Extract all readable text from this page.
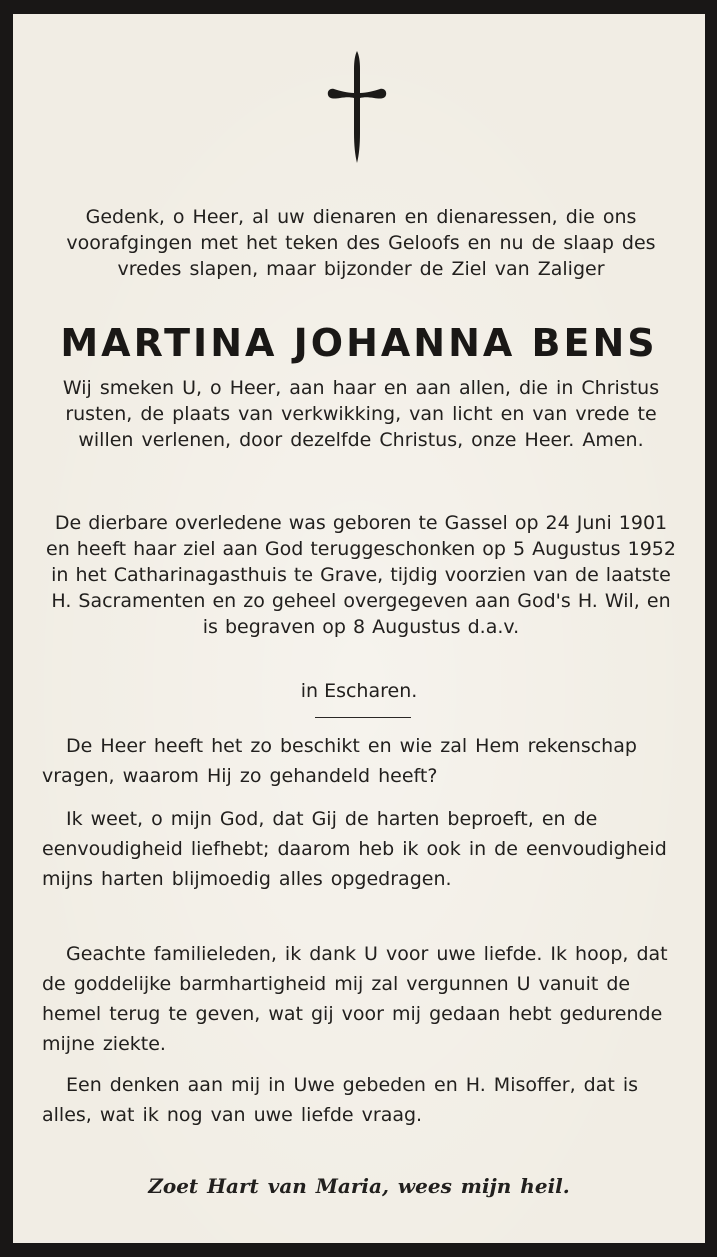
Gedenk, o Heer, al uw dienaren en dienaressen, die ons voorafgingen met het teken des Geloofs en nu de slaap des vredes slapen, maar bijzonder de Ziel van Zaliger

MARTINA JOHANNA BENS

Wij smeken U, o Heer, aan haar en aan allen, die in Christus rusten, de plaats van verkwikking, van licht en van vrede te willen verlenen, door dezelfde Christus, onze Heer. Amen.

De dierbare overledene was geboren te Gassel op 24 Juni 1901 en heeft haar ziel aan God teruggeschonken op 5 Augustus 1952 in het Catharinagasthuis te Grave, tijdig voorzien van de laatste H. Sacramenten en zo geheel overgegeven aan God's H. Wil, en is begraven op 8 Augustus d.a.v.

in Escharen.

De Heer heeft het zo beschikt en wie zal Hem rekenschap vragen, waarom Hij zo gehandeld heeft?

Ik weet, o mijn God, dat Gij de harten beproeft, en de eenvoudigheid liefhebt; daarom heb ik ook in de eenvoudigheid mijns harten blijmoedig alles opgedragen.

Geachte familieleden, ik dank U voor uwe liefde. Ik hoop, dat de goddelijke barmhartigheid mij zal vergunnen U vanuit de hemel terug te geven, wat gij voor mij gedaan hebt gedurende mijne ziekte.

Een denken aan mij in Uwe gebeden en H. Misoffer, dat is alles, wat ik nog van uwe liefde vraag.

Zoet Hart van Maria, wees mijn heil.
